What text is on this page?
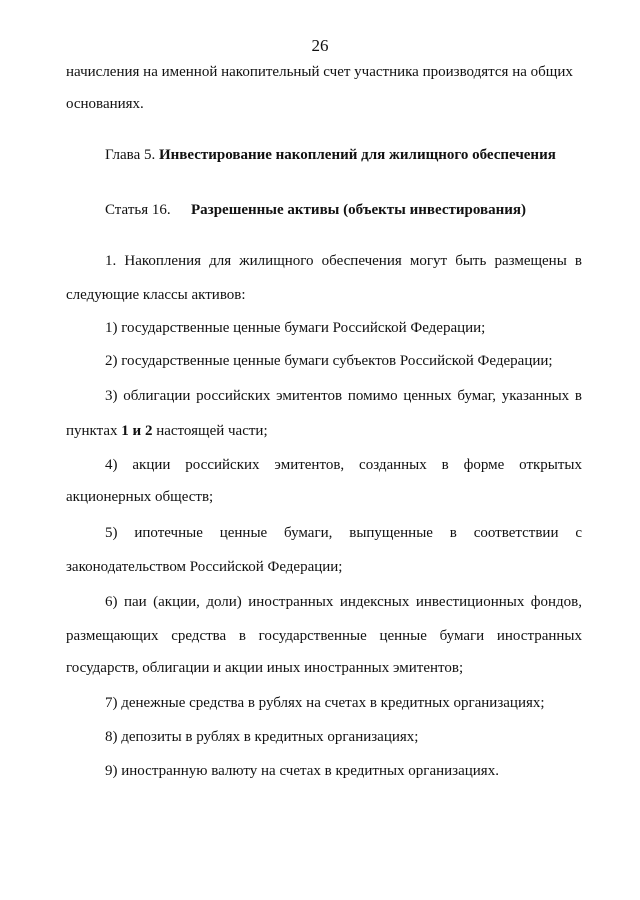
26
начисления на именной накопительный счет участника производятся на общих
основаниях.
Глава 5. Инвестирование накоплений для жилищного обеспечения
Статья 16. Разрешенные активы (объекты инвестирования)
1. Накопления для жилищного обеспечения могут быть размещены в
следующие классы активов:
1) государственные ценные бумаги Российской Федерации;
2) государственные ценные бумаги субъектов Российской Федерации;
3) облигации российских эмитентов помимо ценных бумаг, указанных в
пунктах 1 и 2 настоящей части;
4) акции российских эмитентов, созданных в форме открытых
акционерных обществ;
5) ипотечные ценные бумаги, выпущенные в соответствии с
законодательством Российской Федерации;
6) паи (акции, доли) иностранных индексных инвестиционных фондов,
размещающих средства в государственные ценные бумаги иностранных
государств, облигации и акции иных иностранных эмитентов;
7) денежные средства в рублях на счетах в кредитных организациях;
8) депозиты в рублях в кредитных организациях;
9) иностранную валюту на счетах в кредитных организациях.
